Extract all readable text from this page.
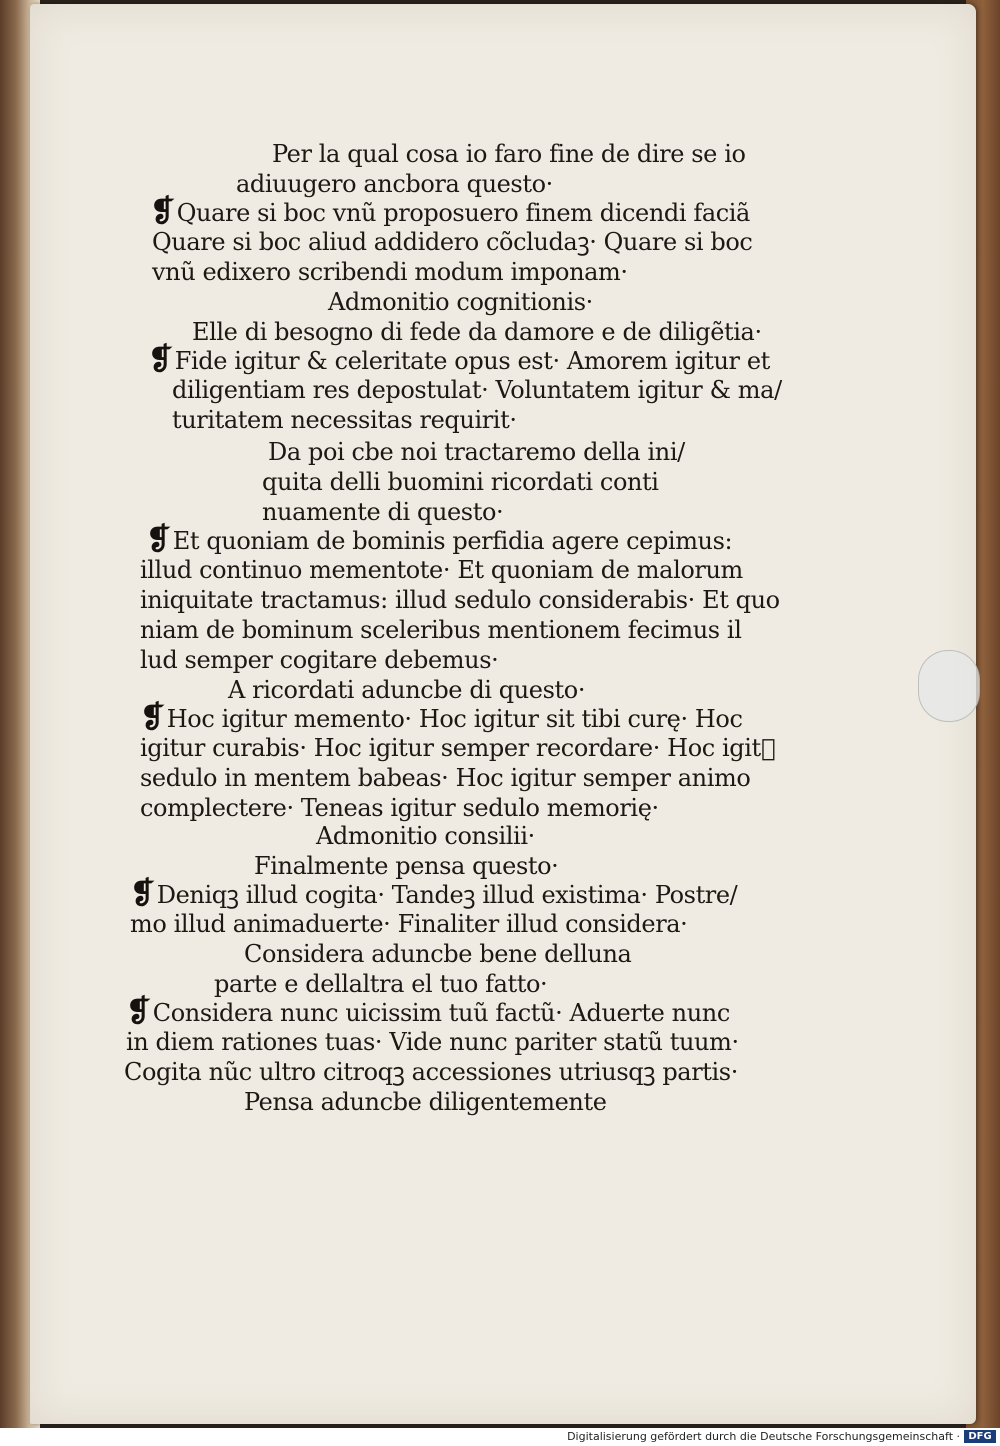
Per la qual cosa io faro fine de dire se io
adiuugero ancbora questo·
❡Quare si boc vnũ proposuero finem dicendi faciã
Quare si boc aliud addidero cõcludaꝫ· Quare si boc
vnũ edixero scribendi modum imponam·
Admonitio cognitionis·
Elle di besogno di fede da damore e de diligẽtia·
❡Fide igitur & celeritate opus est· Amorem igitur et
diligentiam res depostulat· Voluntatem igitur & ma/
turitatem necessitas requirit·
Da poi cbe noi tractaremo della ini/
quita delli buomini ricordati conti
nuamente di questo·
❡Et quoniam de bominis perfidia agere cepimus:
illud continuo mementote· Et quoniam de malorum
iniquitate tractamus: illud sedulo considerabis· Et quo
niam de bominum sceleribus mentionem fecimus il
lud semper cogitare debemus·
A ricordati aduncbe di questo·
❡Hoc igitur memento· Hoc igitur sit tibi curę· Hoc
igitur curabis· Hoc igitur semper recordare· Hoc igitᷣ
sedulo in mentem babeas· Hoc igitur semper animo
complectere· Teneas igitur sedulo memorię·
Admonitio consilii·
Finalmente pensa questo·
❡Deniqꝫ illud cogita· Tandeꝫ illud existima· Postre/
mo illud animaduerte· Finaliter illud considera·
Considera aduncbe bene delluna
parte e dellaltra el tuo fatto·
❡Considera nunc uicissim tuũ factũ· Aduerte nunc
in diem rationes tuas· Vide nunc pariter statũ tuum·
Cogita nũc ultro citroqꝫ accessiones utriusqꝫ partis·
Pensa aduncbe diligentemente
Digitalisierung gefördert durch die Deutsche Forschungsgemeinschaft · DFG
